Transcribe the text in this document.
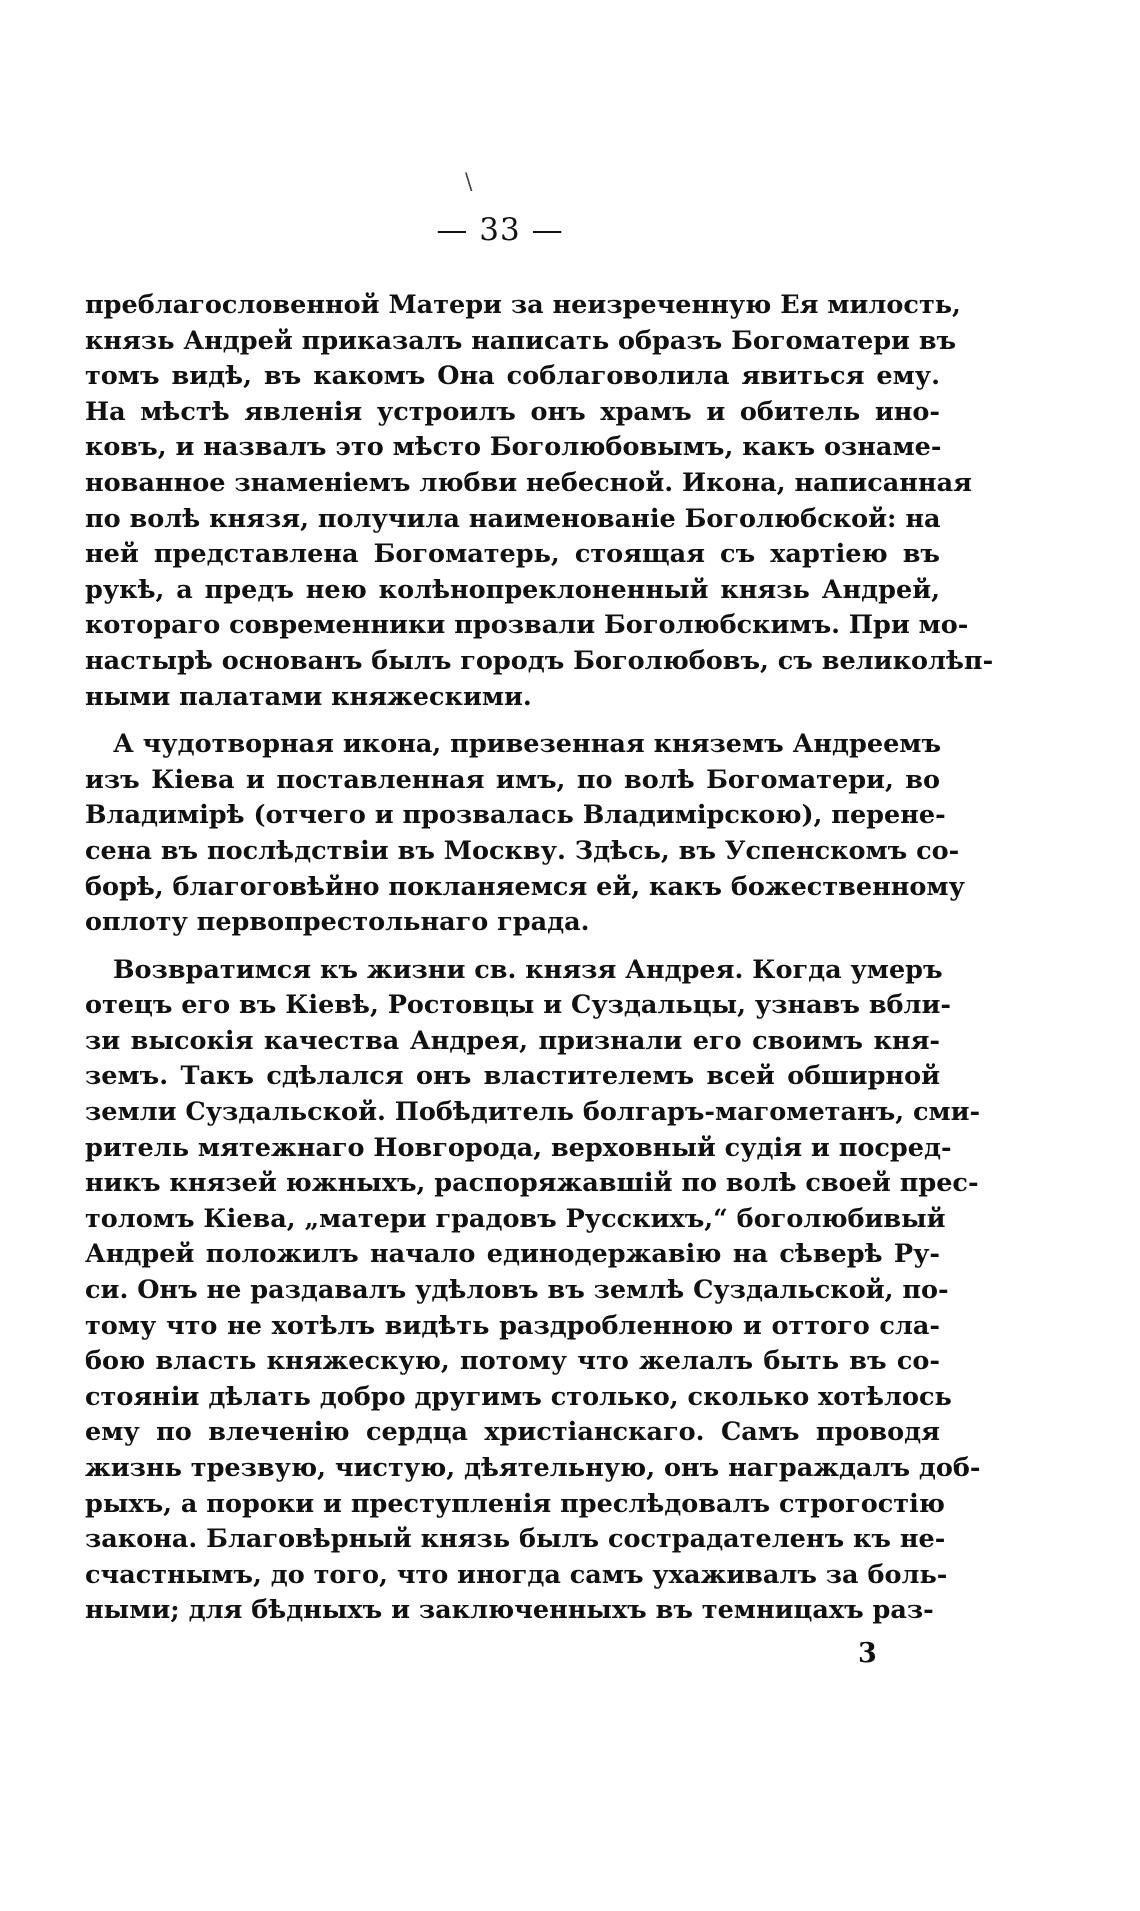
\
— 33 —
преблагословенной Матери за неизреченную Ея милость,
князь Андрей приказалъ написать образъ Богоматери въ
томъ видѣ, въ какомъ Она соблаговолила явиться ему.
На мѣстѣ явленія устроилъ онъ храмъ и обитель ино-
ковъ, и назвалъ это мѣсто Боголюбовымъ, какъ ознаме-
нованное знаменіемъ любви небесной. Икона, написанная
по волѣ князя, получила наименованіе Боголюбской: на
ней представлена Богоматерь, стоящая съ хартіею въ
рукѣ, а предъ нею колѣнопреклоненный князь Андрей,
котораго современники прозвали Боголюбскимъ. При мо-
настырѣ основанъ былъ городъ Боголюбовъ, съ великолѣп-
ными палатами княжескими.
А чудотворная икона, привезенная княземъ Андреемъ
изъ Кіева и поставленная имъ, по волѣ Богоматери, во
Владимірѣ (отчего и прозвалась Владимірскою), перене-
сена въ послѣдствіи въ Москву. Здѣсь, въ Успенскомъ со-
борѣ, благоговѣйно покланяемся ей, какъ божественному
оплоту первопрестольнаго града.
Возвратимся къ жизни св. князя Андрея. Когда умеръ
отецъ его въ Кіевѣ, Ростовцы и Суздальцы, узнавъ вбли-
зи высокія качества Андрея, признали его своимъ кня-
земъ. Такъ сдѣлался онъ властителемъ всей обширной
земли Суздальской. Побѣдитель болгаръ-магометанъ, сми-
ритель мятежнаго Новгорода, верховный судія и посред-
никъ князей южныхъ, распоряжавшій по волѣ своей прес-
толомъ Кіева, „матери градовъ Русскихъ,“ боголюбивый
Андрей положилъ начало единодержавію на сѣверѣ Ру-
си. Онъ не раздавалъ удѣловъ въ землѣ Суздальской, по-
тому что не хотѣлъ видѣть раздробленною и оттого сла-
бою власть княжескую, потому что желалъ быть въ со-
стояніи дѣлать добро другимъ столько, сколько хотѣлось
ему по влеченію сердца христіанскаго. Самъ проводя
жизнь трезвую, чистую, дѣятельную, онъ награждалъ доб-
рыхъ, а пороки и преступленія преслѣдовалъ строгостію
закона. Благовѣрный князь былъ сострадателенъ къ не-
счастнымъ, до того, что иногда самъ ухаживалъ за боль-
ными; для бѣдныхъ и заключенныхъ въ темницахъ раз-
3
